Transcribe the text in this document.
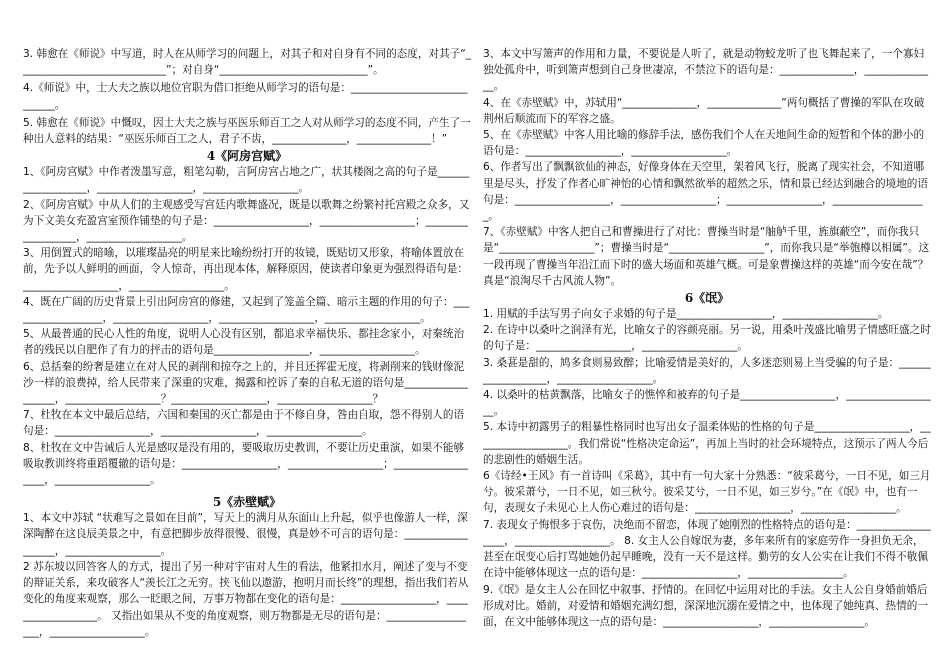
3. 韩愈在《师说》中写道，时人在从师学习的问题上，对其子和对自身有不同的态度，对其子“____________________________”；对自身“____________________________”。

4.《师说》中，士大夫之族以地位官职为借口拒绝从师学习的语句是：____________________________。

5. 韩愈在《师说》中慨叹，因士大夫之族与巫医乐师百工之人对从师学习的态度不同，产生了一种出人意料的结果：“巫医乐师百工之人，君子不齿，______________，______________！”

4《阿房宫赋》

1、《阿房宫赋》中作者泼墨写意，粗笔勾勒，言阿房宫占地之广，状其楼阁之高的句子是__________________，__________________，__________________。

2、《阿房宫赋》中从人们的主观感受写宫廷内歌舞盛况，既是以歌舞之纷繁衬托宫殿之众多，又为下文美女充盈宫室预作铺垫的句子是：__________________，__________________；__________________，__________________。

3、用倒置式的暗喻，以璀璨晶亮的明星来比喻纷纷打开的妆镜，既贴切又形象，将喻体置放在前，先予以人鲜明的画面，令人惊奇，再出现本体，解释原因，使读者印象更为强烈得语句是：__________________，__________________。

4、既在广阔的历史背景上引出阿房宫的修建，又起到了笼盖全篇、暗示主题的作用的句子：__________________，__________________，__________________，__________________。

5、从最普通的民心人性的角度，说明人心没有区别，都追求幸福快乐、都挂念家小，对秦统治者的残民以自肥作了有力的抨击的语句是__________________，__________________。

6、总括秦的纷奢是建立在对人民的剥削和掠夺之上的，并且还挥霍无度，将剥削来的钱财像泥沙一样的浪费掉，给人民带来了深重的灾难，揭露和控诉了秦的自私无道的语句是__________________，__________________？__________________，__________________？

7、杜牧在本文中最后总结，六国和秦国的灭亡都是由于不修自身，咎由自取，怨不得别人的语句是：__________________，__________________，__________________。

8、杜牧在文中告诫后人光是感叹是没有用的，要吸取历史教训，不要让历史重演，如果不能够吸取教训终将重蹈覆辙的语句是：__________________，__________________；__________________，__________________。

5《赤壁赋》

1、本文中苏轼 “状难写之景如在目前”，写天上的满月从东面山上升起，似乎也像游人一样，深深陶醉在这良辰美景之中，有意把脚步放得很慢、很慢，真是妙不可言的语句是：__________________，__________________。

2 苏东坡以回答客人的方式，提出了另一种对宇宙对人生的看法，他紧扣水月，阐述了变与不变的辩证关系，来攻破客人“羡长江之无穷。挟飞仙以遨游，抱明月而长终”的理想，指出我们若从变化的角度来观察，那么一眨眼之间，万事万物都在变化的语句是：__________________，__________________。 又指出如果从不变的角度观察，则万物都是无尽的语句是：__________________，__________________。

3、本文中写箫声的作用和力量，不要说是人听了，就是动物蛟龙听了也飞舞起来了，一个寡妇独处孤舟中，听到箫声想到自己身世凄凉，不禁泣下的语句是：______________，______________。

4、在《赤壁赋》中，苏轼用“______________，______________”两句概括了曹操的军队在攻破荆州后顺流而下的军容之盛。

5、在《赤壁赋》中客人用比喻的修辞手法，感伤我们个人在天地间生命的短暂和个体的渺小的语句是：__________________，__________________。

6、作者写出了飘飘欲仙的神态，好像身体在天空里，架着风飞行，脱离了现实社会，不知道哪里是尽头，抒发了作者心旷神怡的心情和飘然欲举的超然之乐，情和景已经达到融合的境地的语句是：__________________，__________________；__________________，__________________。

7、《赤壁赋》中客人把自己和曹操进行了对比：曹操当时是“舳舻千里，旌旗蔽空”，而你我只是“__________________”；曹操当时是“__________________”，而你我只是“举匏樽以相属”。这一段再现了曹操当年沿江而下时的盛大场面和英雄气概。可是象曹操这样的英雄“而今安在哉”？真是“浪淘尽千古风流人物”。

6《氓》

1. 用赋的手法写男子向女子求婚的句子是__________________，__________________。

2. 在诗中以桑叶之润泽有光，比喻女子的容颜亮丽。另一说，用桑叶茂盛比喻男子情感旺盛之时的句子是：__________________，__________________。

3. 桑葚是甜的，鸠多食则易致醉；比喻爱情是美好的，人多迷恋则易上当受骗的句子是：__________________，__________________。

4. 以桑叶的枯黄飘落，比喻女子的憔悴和被弃的句子是__________________，__________________。

5. 本诗中初露男子的粗暴性格同时也写出女子温柔体贴的性格的句子是__________________，__________________。我们常说“性格决定命运”，再加上当时的社会环境特点，这预示了两人今后的悲剧性的婚姻生活。

6《诗经•王风》有一首诗叫《采葛》，其中有一句大家十分熟悉：“彼采葛兮，一日不见，如三月兮。彼采萧兮，一日不见，如三秋兮。彼采艾兮，一日不见，如三岁兮。”在《氓》中，也有一句，表现女子未见心上人伤心难过的语句是：__________________，__________________。

7. 表现女子悔恨多于哀伤，决绝而不留恋，体现了她刚烈的性格特点的语句是：__________________，__________________。 8. 女主人公自嫁氓为妻，多年来所有的家庭劳作一身担负无余，甚至在氓变心后打骂她她仍起早睡晚，没有一天不是这样。勤劳的女人公实在让我们不得不敬佩在诗中能够体现这一点的语句是：__________________，__________________。

9.《氓》是女主人公在回忆中叙事、抒情的。在回忆中运用对比的手法。女主人公自身婚前婚后形成对比。婚前，对爱情和婚姻充满幻想，深深地沉溺在爱情之中，也体现了她纯真、热情的一面，在文中能够体现这一点的语句是：__________________，__________________。
